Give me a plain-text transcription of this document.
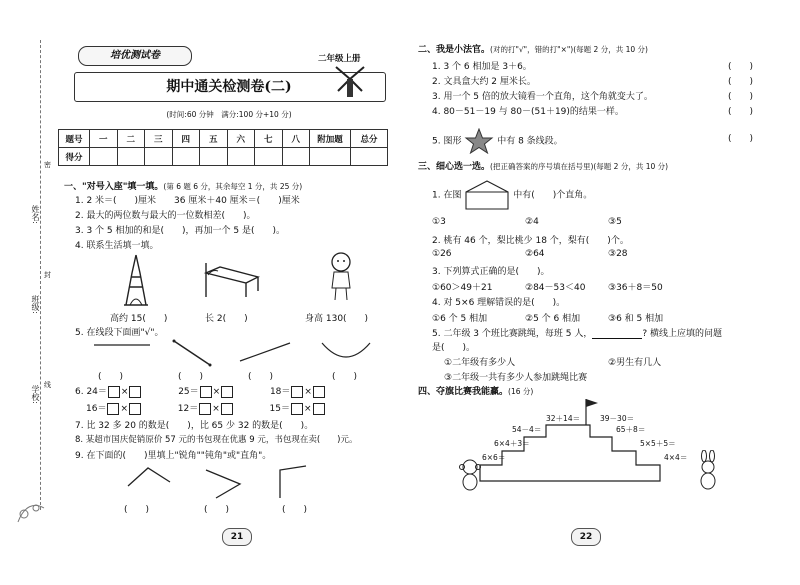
姓名:
班级:
学校:
密
封
线
培优测试卷	二年级上册
期中通关检测卷(二)
(时间:60 分钟　满分:100 分+10 分)
题号	一	二	三	四	五	六	七	八	附加题	总分
得分										
一、"对号入座"填一填。(第 6 题 6 分，其余每空 1 分，共 25 分)
1. 2 米＝(　　)厘米　　36 厘米＋40 厘米＝(　　)厘米
2. 最大的两位数与最大的一位数相差(　　)。
3. 3 个 5 相加的和是(　　)，再加一个 5 是(　　)。
4. 联系生活填一填。
高约 15(　　)	长 2(　　)	身高 130(　　)
5. 在线段下面画"√"。
(　　)	(　　)	(　　)	(　　)
6. 24＝ ×	25＝ ×	18＝ ×
16＝ ×	12＝ ×	15＝ ×
7. 比 32 多 20 的数是(　　)，比 65 少 32 的数是(　　)。
8. 某超市国庆促销原价 57 元的书包现在优惠 9 元，书包现在卖(　　)元。
9. 在下面的(　　)里填上"锐角""钝角"或"直角"。
(　　)	(　　)	(　　)
21
二、我是小法官。(对的打"√"，错的打"×")(每题 2 分，共 10 分)
1. 3 个 6 相加是 3＋6。	(　　)
2. 文具盒大约 2 厘米长。	(　　)
3. 用一个 5 倍的放大镜看一个直角，这个角就变大了。	(　　)
4. 80－51－19 与 80－(51＋19)的结果一样。	(　　)
5. 图形	中有 8 条线段。	(　　)
三、细心选一选。(把正确答案的序号填在括号里)(每题 2 分，共 10 分)
1. 在图	中有(　　)个直角。
①3	②4	③5
2. 桃有 46 个，梨比桃少 18 个，梨有(　　)个。
①26	②64	③28
3. 下列算式正确的是(　　)。
①60＞49＋21	②84－53＜40	③36＋8＝50
4. 对 5×6 理解错误的是(　　)。
①6 个 5 相加	②5 个 6 相加	③6 和 5 相加
5. 二年级 3 个班比赛跳绳，每班 5 人，	? 横线上应填的问题
是(　　)。
①二年级有多少人	②男生有几人
③二年级一共有多少人参加跳绳比赛
四、夺旗比赛我能赢。(16 分)
6×6＝
6×4＋3＝
54－4＝
32＋14＝	39－30＝
65＋8＝
5×5＋5＝
4×4＝
22
